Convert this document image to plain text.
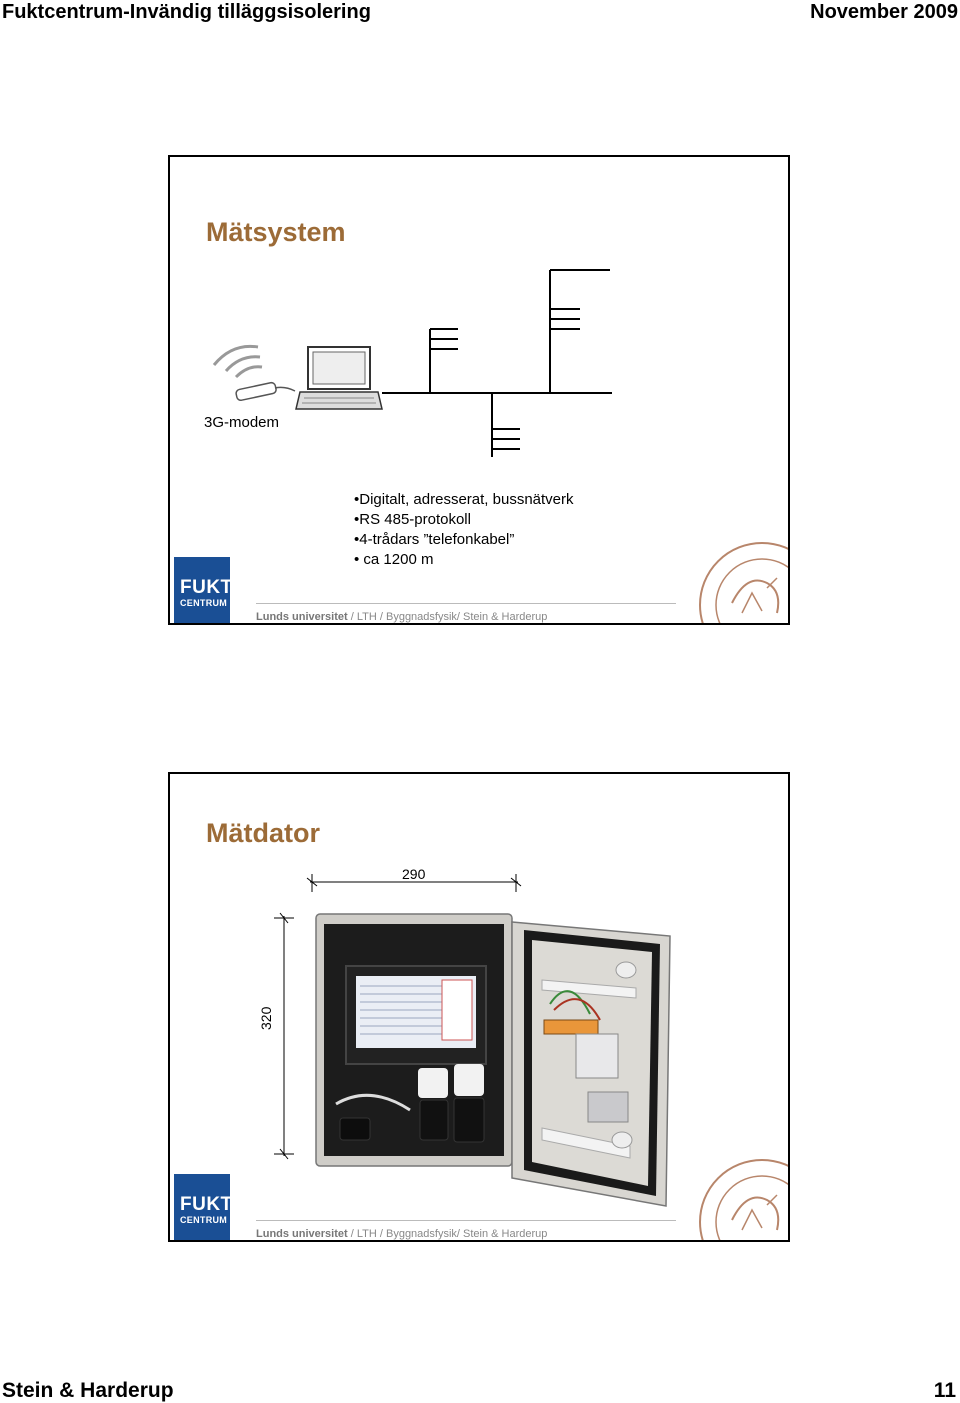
Fuktcentrum-Invändig tilläggsisolering	November 2009
Mätsystem
3G-modem
•Digitalt, adresserat, bussnätverk
•RS 485-protokoll
•4-trådars ”telefonkabel”
• ca 1200 m
FUKT
CENTRUM
Lunds universitet / LTH / Byggnadsfysik/ Stein & Harderup
Mätdator
290
320
FUKT
CENTRUM
Lunds universitet / LTH / Byggnadsfysik/ Stein & Harderup
Stein & Harderup	11
